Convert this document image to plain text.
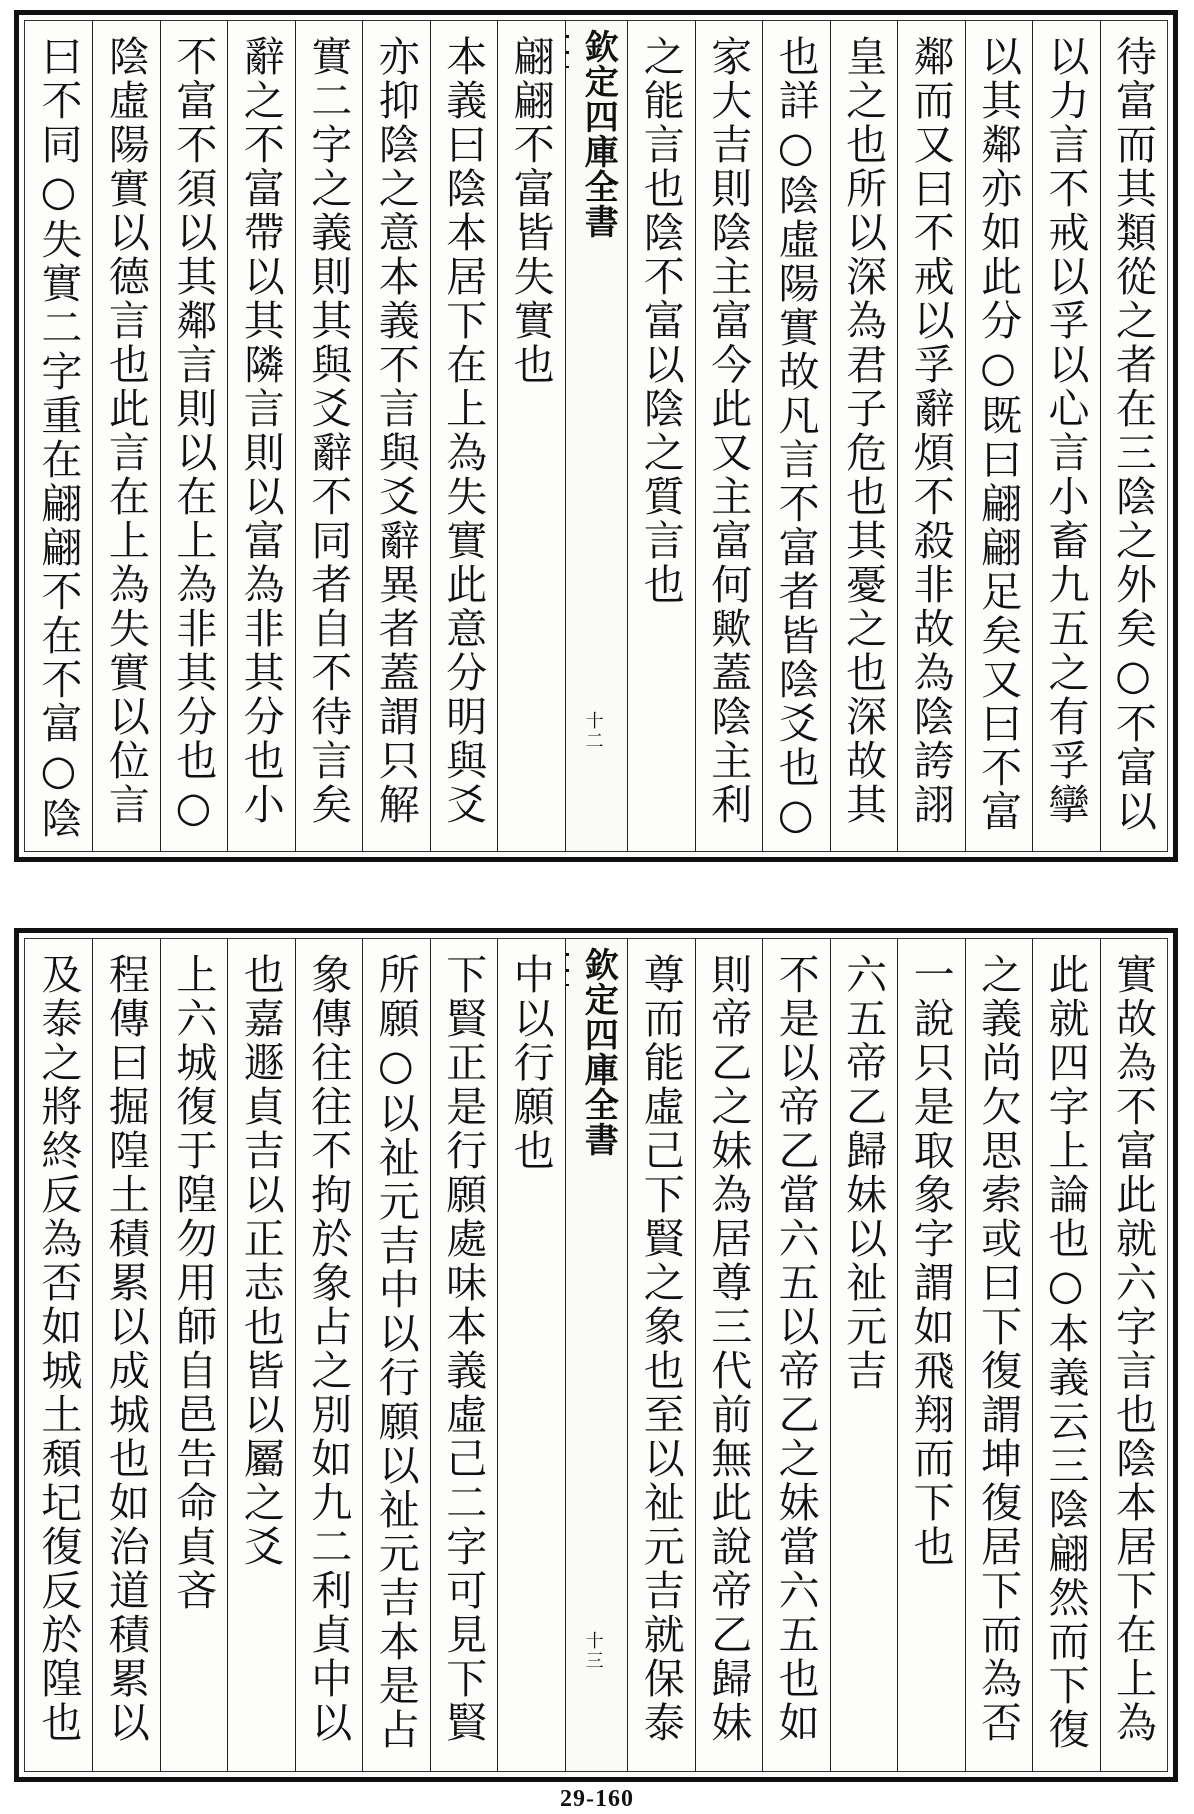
待富而其類從之者在三陰之外矣○不富以
以力言不戒以孚以心言小畜九五之有孚攣
以其鄰亦如此分○既曰翩翩足矣又曰不富
鄰而又曰不戒以孚辭煩不殺非故為陰誇詡
皇之也所以深為君子危也其憂之也深故其
也詳○陰虛陽實故凡言不富者皆陰爻也○
家大吉則陰主富今此又主富何歟蓋陰主利
之能言也陰不富以陰之質言也
欽定四庫全書
十二
翩翩不富皆失實也
本義曰陰本居下在上為失實此意分明與爻
亦抑陰之意本義不言與爻辭異者蓋謂只解
實二字之義則其與爻辭不同者自不待言矣
辭之不富帶以其隣言則以富為非其分也小
不富不須以其鄰言則以在上為非其分也○
陰虛陽實以德言也此言在上為失實以位言
曰不同○失實二字重在翩翩不在不富○陰
實故為不富此就六字言也陰本居下在上為
此就四字上論也○本義云三陰翩然而下復
之義尚欠思索或曰下復謂坤復居下而為否
一說只是取象字謂如飛翔而下也
六五帝乙歸妹以祉元吉
不是以帝乙當六五以帝乙之妹當六五也如
則帝乙之妹為居尊三代前無此說帝乙歸妹
尊而能虛己下賢之象也至以祉元吉就保泰
欽定四庫全書
十三
中以行願也
下賢正是行願處味本義虛己二字可見下賢
所願○以祉元吉中以行願以祉元吉本是占
象傳往往不拘於象占之別如九二利貞中以
也嘉遯貞吉以正志也皆以屬之爻
上六城復于隍勿用師自邑告命貞吝
程傳曰掘隍土積累以成城也如治道積累以
及泰之將終反為否如城土頹圮復反於隍也
29-160
